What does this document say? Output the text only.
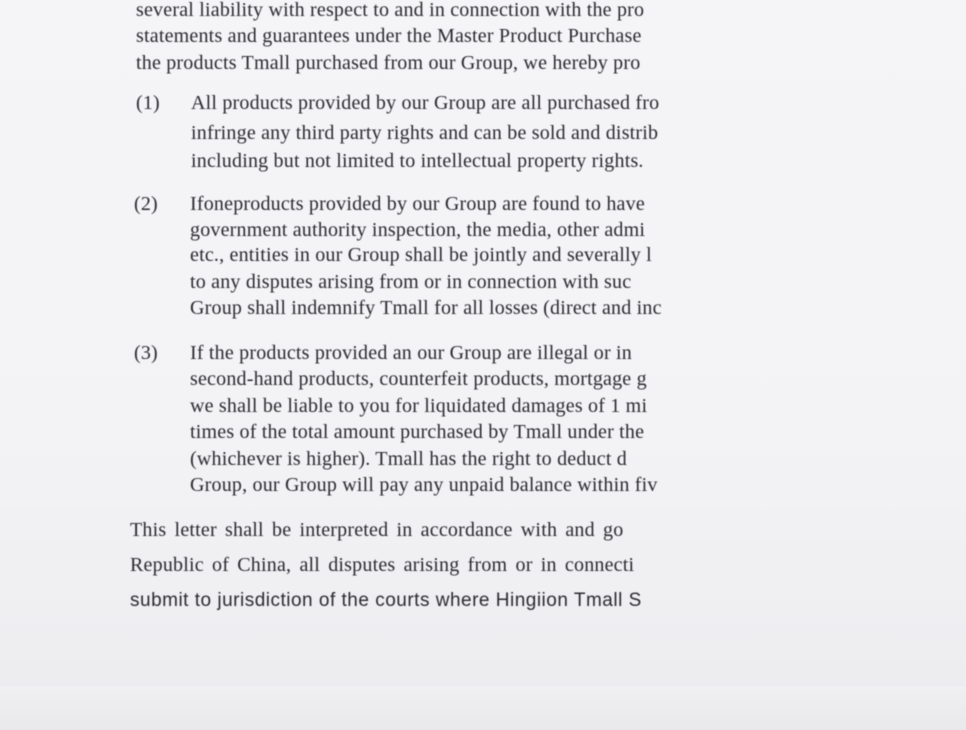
several liability with respect to and in connection with the pro
statements and guarantees under the Master Product Purchase
the products Tmall purchased from our Group, we hereby pro
(1) All products provided by our Group are all purchased fro
infringe any third party rights and can be sold and distrib
including but not limited to intellectual property rights.
(2) Ifoneproducts provided by our Group are found to have
government authority inspection, the media, other admi
etc., entities in our Group shall be jointly and severally l
to any disputes arising from or in connection with suc
Group shall indemnify Tmall for all losses (direct and inc
(3) If the products provided an our Group are illegal or in
second-hand products, counterfeit products, mortgage g
we shall be liable to you for liquidated damages of 1 mi
times of the total amount purchased by Tmall under the
(whichever is higher). Tmall has the right to deduct d
Group, our Group will pay any unpaid balance within fiv
This letter shall be interpreted in accordance with and go
Republic of China, all disputes arising from or in connecti
submit to jurisdiction of the courts where Hingiion Tmall S
